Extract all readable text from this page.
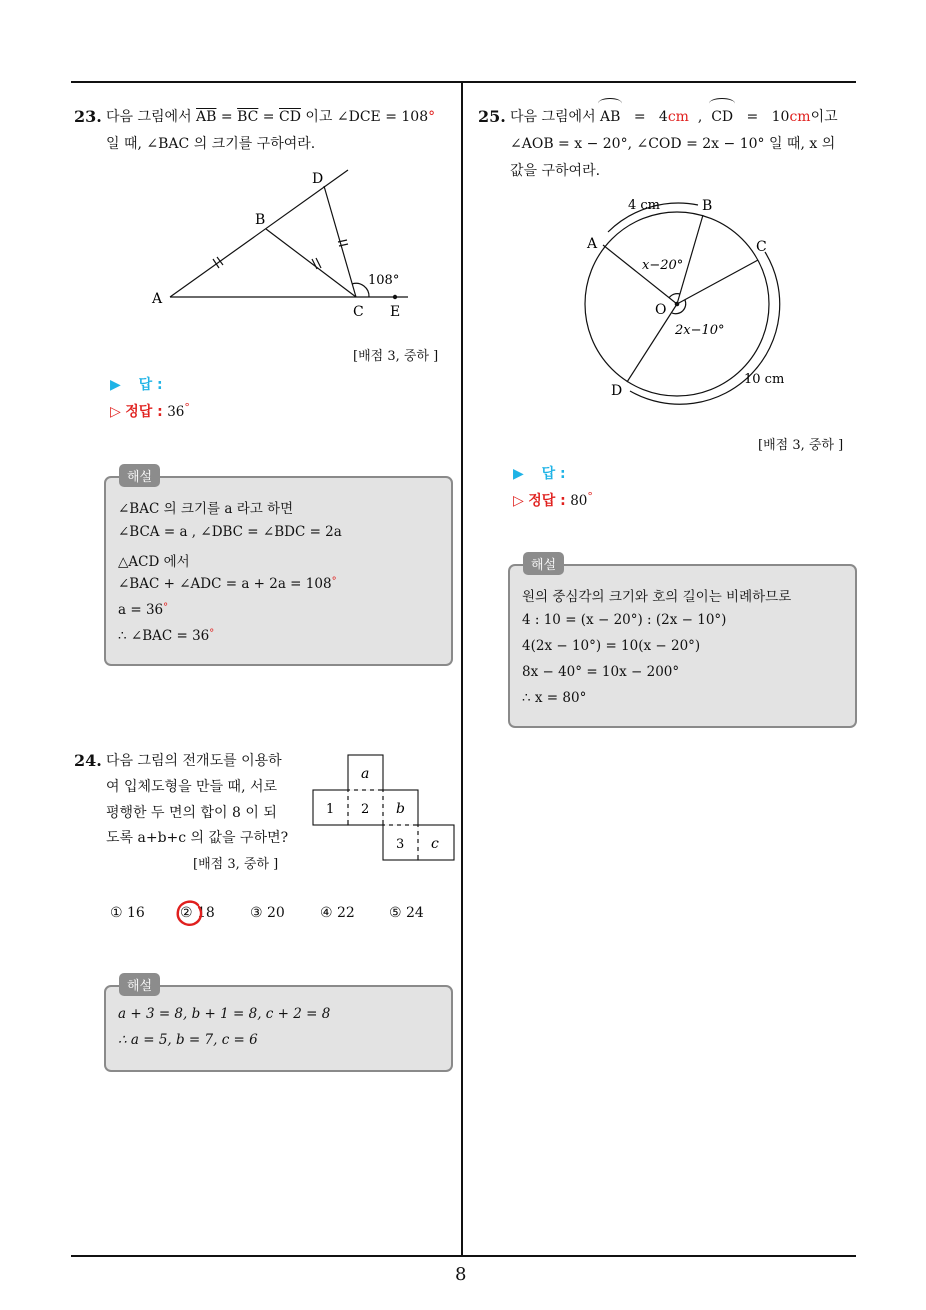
8
23. 다음 그림에서 $\overline{AB} = \overline{BC} = \overline{CD}$ 이고 ∠DCE = 108°
일 때, ∠BAC 의 크기를 구하여라.
A
B
C
D
E
108°
[배점 3, 중하 ]
▶ 답 :
▷ 정답 : 36°
해설
∠BAC 의 크기를 a 라고 하면
∠BCA = a , ∠DBC = ∠BDC = 2a
△ACD 에서
∠BAC + ∠ADC = a + 2a = 108°
a = 36°
∴ ∠BAC = 36°
24. 다음 그림의 전개도를 이용하
여 입체도형을 만들 때, 서로
평행한 두 면의 합이 8 이 되
도록 a+b+c 의 값을 구하면?
[배점 3, 중하 ]
a
1 2 b
3 c
① 16	② 18	③ 20	④ 22 ⑤ 24
해설
a + 3 = 8, b + 1 = 8, c + 2 = 8
∴ a = 5, b = 7, c = 6
25. 다음 그림에서
AB = 4cm  , CD = 10cm이고
∠AOB = x − 20°, ∠COD = 2x − 10° 일 때, x 의
값을 구하여라.
A
B
C
D
O
4 cm
10 cm
x−20°
2x−10°
[배점 3, 중하 ]
▶ 답 :
▷ 정답 : 80°
해설
원의 중심각의 크기와 호의 길이는 비례하므로
4 : 10 = (x − 20°) : (2x − 10°)
4(2x − 10°) = 10(x − 20°)
8x − 40° = 10x − 200°
∴ x = 80°
